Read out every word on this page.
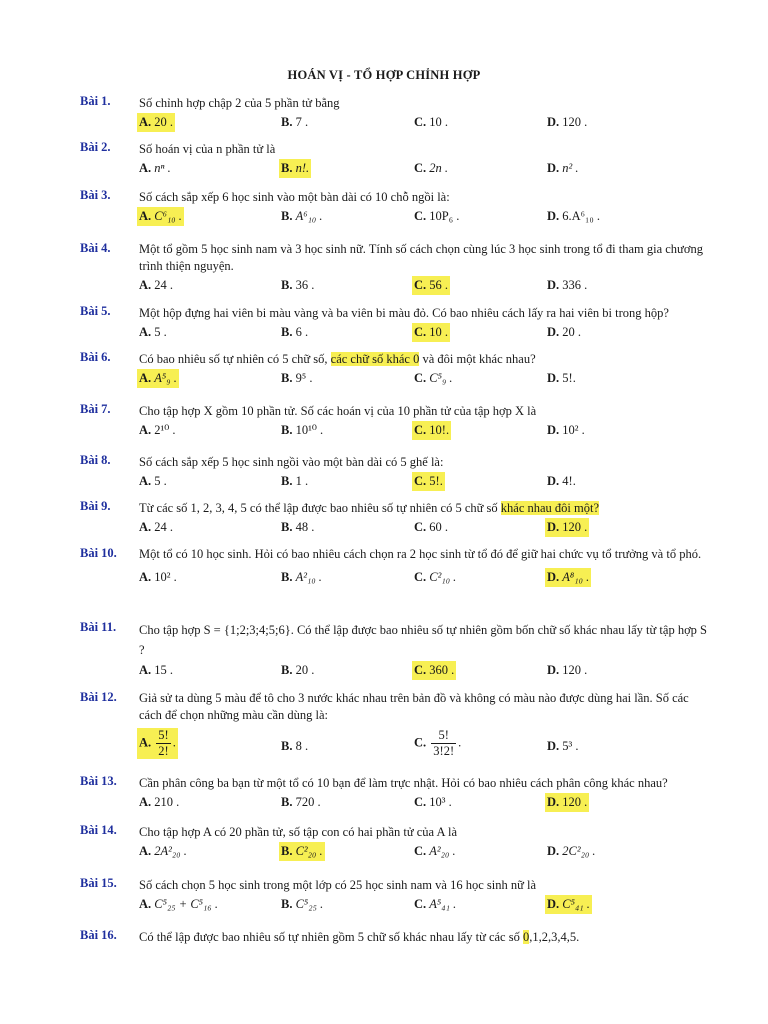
HOÁN VỊ - TỔ HỢP CHỈNH HỢP
Bài 1. Số chỉnh hợp chập 2 của 5 phần tử bằng
A. 20 .	B. 7 .	C. 10 .	D. 120 .
Bài 2. Số hoán vị của n phần tử là
A. nⁿ .	B. n!.	C. 2n .	D. n² .
Bài 3. Số cách sắp xếp 6 học sinh vào một bàn dài có 10 chỗ ngồi là:
A. C⁶₁₀ .	B. A⁶₁₀ .	C. 10P₆ .	D. 6.A⁶₁₀ .
Bài 4. Một tổ gồm 5 học sinh nam và 3 học sinh nữ. Tính số cách chọn cùng lúc 3 học sinh trong tổ đi tham gia chương trình thiện nguyện.
A. 24 .	B. 36 .	C. 56 .	D. 336 .
Bài 5. Một hộp đựng hai viên bi màu vàng và ba viên bi màu đỏ. Có bao nhiêu cách lấy ra hai viên bi trong hộp?
A. 5 .	B. 6 .	C. 10 .	D. 20 .
Bài 6. Có bao nhiêu số tự nhiên có 5 chữ số, các chữ số khác 0 và đôi một khác nhau?
A. A⁵₉ .	B. 9⁵ .	C. C⁵₉ .	D. 5!.
Bài 7. Cho tập hợp X gồm 10 phần tử. Số các hoán vị của 10 phần tử của tập hợp X là
A. 2¹⁰ .	B. 10¹⁰ .	C. 10!.	D. 10² .
Bài 8. Số cách sắp xếp 5 học sinh ngồi vào một bàn dài có 5 ghế là:
A. 5 .	B. 1 .	C. 5!.	D. 4!.
Bài 9. Từ các số 1, 2, 3, 4, 5 có thể lập được bao nhiêu số tự nhiên có 5 chữ số khác nhau đôi một?
A. 24 .	B. 48 .	C. 60 .	D. 120 .
Bài 10. Một tổ có 10 học sinh. Hỏi có bao nhiêu cách chọn ra 2 học sinh từ tổ đó để giữ hai chức vụ tổ trưởng và tổ phó.
A. 10² .	B. A²₁₀ .	C. C²₁₀ .	D. A⁸₁₀ .
Bài 11. Cho tập hợp S = {1;2;3;4;5;6}. Có thể lập được bao nhiêu số tự nhiên gồm bốn chữ số khác nhau lấy từ tập hợp S ?
A. 15 .	B. 20 .	C. 360 .	D. 120 .
Bài 12. Giả sử ta dùng 5 màu để tô cho 3 nước khác nhau trên bản đồ và không có màu nào được dùng hai lần. Số các cách để chọn những màu cần dùng là:
A. $\frac{5!}{2!}$ .	B. 8 .	C. $\frac{5!}{3!2!}$ .	D. 5³ .
Bài 13. Cần phân công ba bạn từ một tổ có 10 bạn để làm trực nhật. Hỏi có bao nhiêu cách phân công khác nhau?
A. 210 .	B. 720 .	C. 10³ .	D. 120 .
Bài 14. Cho tập hợp A có 20 phần tử, số tập con có hai phần tử của A là
A. 2A²₂₀ .	B. C²₂₀ .	C. A²₂₀ .	D. 2C²₂₀ .
Bài 15. Số cách chọn 5 học sinh trong một lớp có 25 học sinh nam và 16 học sinh nữ là
A. C⁵₂₅ + C⁵₁₆ .	B. C⁵₂₅ .	C. A⁵₄₁ .	D. C⁵₄₁ .
Bài 16. Có thể lập được bao nhiêu số tự nhiên gồm 5 chữ số khác nhau lấy từ các số 0,1,2,3,4,5.
